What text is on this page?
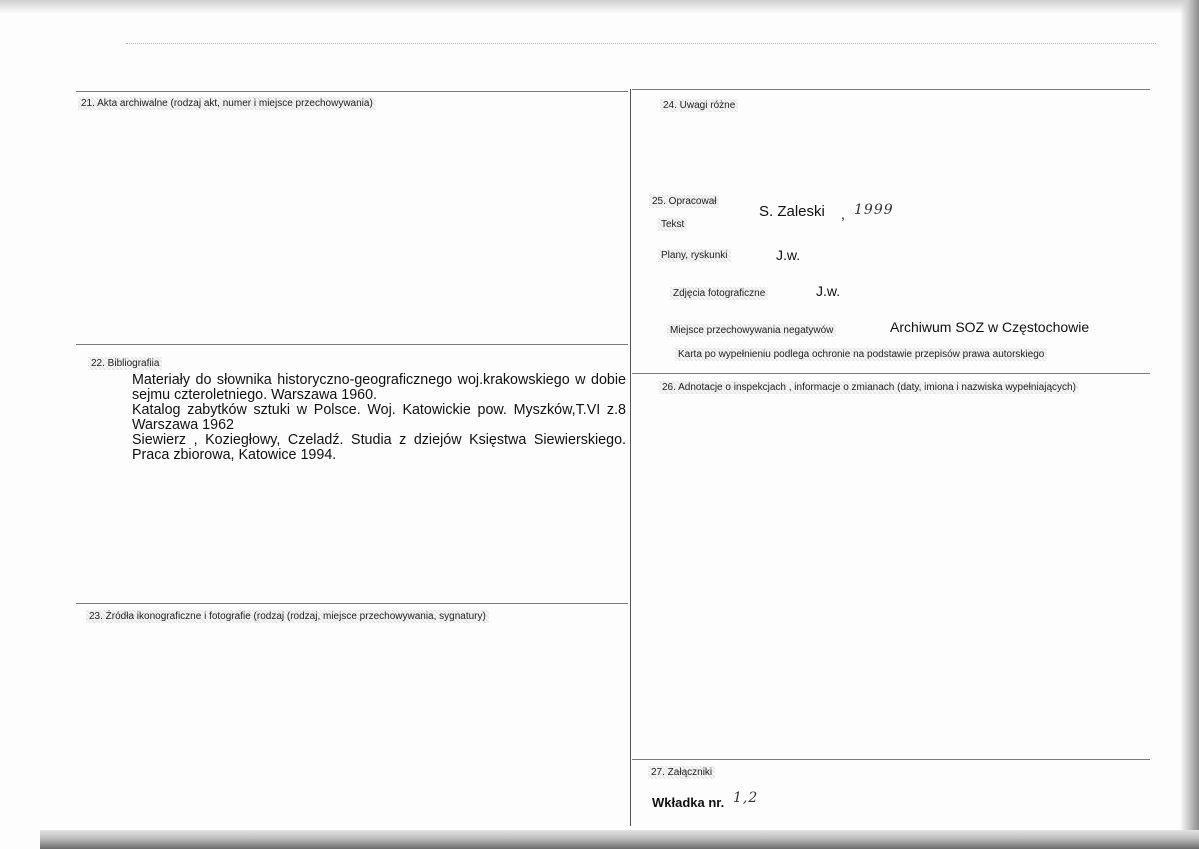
21. Akta archiwalne (rodzaj akt, numer i miejsce przechowywania)
22. Bibliografiia
Materiały do słownika historyczno-geograficznego woj.krakowskiego w dobie sejmu czteroletniego. Warszawa 1960.
Katalog zabytków sztuki w Polsce. Woj. Katowickie pow. Myszków,T.VI z.8 Warszawa 1962
Siewierz , Koziegłowy, Czeladź. Studia z dziejów Księstwa Siewierskiego. Praca zbiorowa, Katowice 1994.
23. Źródła ikonograficzne i fotografie (rodzaj (rodzaj, miejsce przechowywania, sygnatury)
24. Uwagi różne
25. Opracował
Tekst
S. Zaleski , 1999
Plany, ryskunki	J.w.
Zdjęcia fotograficzne	J.w.
Miejsce przechowywania negatywów	Archiwum SOZ w Częstochowie
Karta po wypełnieniu podlega ochronie na podstawie przepisów prawa autorskiego
26. Adnotacje o inspekcjach , informacje o zmianach (daty, imiona i nazwiska wypełniających)
27. Załączniki
Wkładka nr. 1,2
